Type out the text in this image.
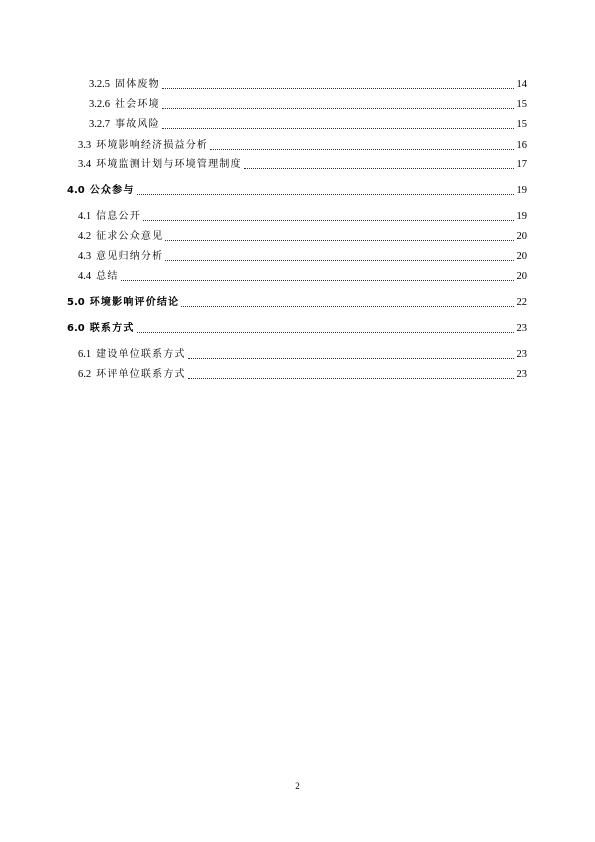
3.2.5 固体废物	14
3.2.6 社会环境	15
3.2.7 事故风险	15
3.3 环境影响经济损益分析	16
3.4 环境监测计划与环境管理制度	17
4.0 公众参与	19
4.1 信息公开	19
4.2 征求公众意见	20
4.3 意见归纳分析	20
4.4 总结	20
5.0 环境影响评价结论	22
6.0 联系方式	23
6.1 建设单位联系方式	23
6.2 环评单位联系方式	23
2
